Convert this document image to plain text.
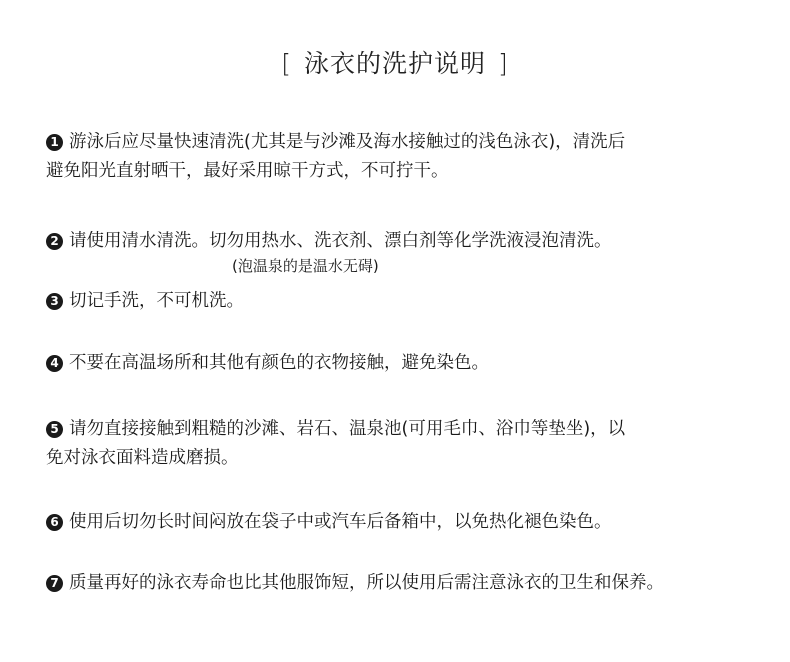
[ 泳衣的洗护说明 ]
1 游泳后应尽量快速清洗(尤其是与沙滩及海水接触过的浅色泳衣)，清洗后
避免阳光直射晒干，最好采用晾干方式，不可拧干。
2 请使用清水清洗。切勿用热水、洗衣剂、漂白剂等化学洗液浸泡清洗。
(泡温泉的是温水无碍)
3 切记手洗，不可机洗。
4 不要在高温场所和其他有颜色的衣物接触，避免染色。
5 请勿直接接触到粗糙的沙滩、岩石、温泉池(可用毛巾、浴巾等垫坐)，以
免对泳衣面料造成磨损。
6 使用后切勿长时间闷放在袋子中或汽车后备箱中，以免热化褪色染色。
7 质量再好的泳衣寿命也比其他服饰短，所以使用后需注意泳衣的卫生和保养。
